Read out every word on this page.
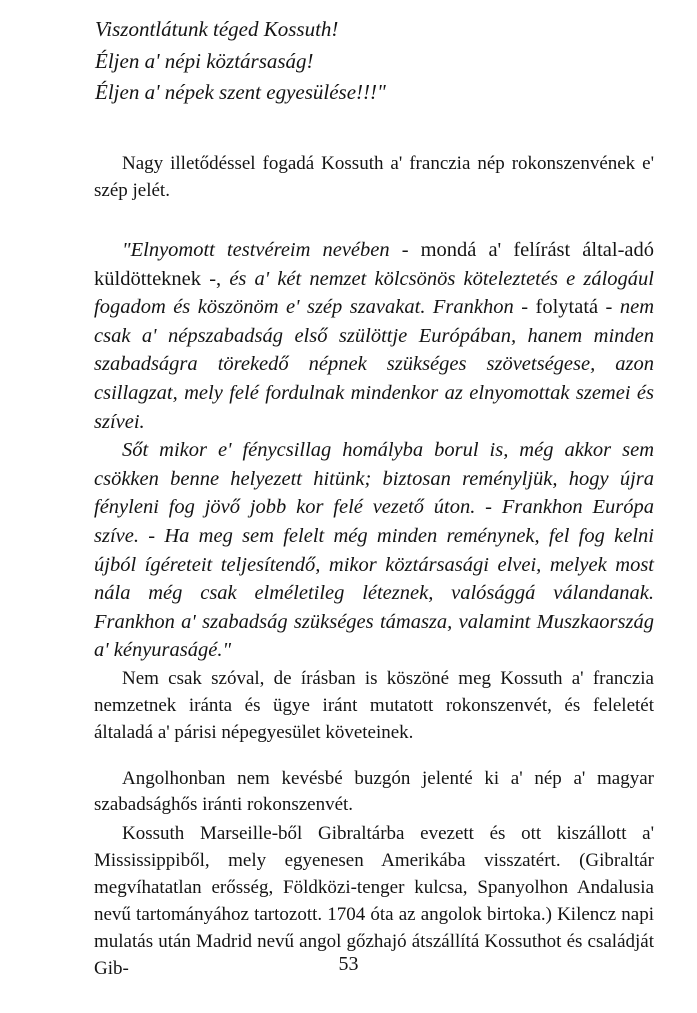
Viszontlátunk téged Kossuth!
Éljen a' népi köztársaság!
Éljen a' népek szent egyesülése!!!"

Nagy illetődéssel fogadá Kossuth a' franczia nép rokonszenvének e' szép jelét.

"Elnyomott testvéreim nevében - mondá a' felírást által-adó küldötteknek -, és a' két nemzet kölcsönös köteleztetés e zálogául fogadom és köszönöm e' szép szavakat. Frankhon - folytatá - nem csak a' népszabadság első szülöttje Európában, hanem minden szabadságra törekedő népnek szükséges szövetségese, azon csillagzat, mely felé fordulnak mindenkor az elnyomottak szemei és szívei.
Sőt mikor e' fénycsillag homályba borul is, még akkor sem csökken benne helyezett hitünk; biztosan reményljük, hogy újra fényleni fog jövő jobb kor felé vezető úton. - Frankhon Európa szíve. - Ha meg sem felelt még minden reménynek, fel fog kelni újból ígéreteit teljesítendő, mikor köztársasági elvei, melyek most nála még csak elméletileg léteznek, valósággá válandanak. Frankhon a' szabadság szükséges támasza, valamint Muszkaország a' kényuraságé."

Nem csak szóval, de írásban is köszöné meg Kossuth a' franczia nemzetnek iránta és ügye iránt mutatott rokonszenvét, és feleletét általadá a' párisi népegyesület követeinek.

Angolhonban nem kevésbé buzgón jelenté ki a' nép a' magyar szabadsághős iránti rokonszenvét.

Kossuth Marseille-ből Gibraltárba evezett és ott kiszállott a' Mississippiből, mely egyenesen Amerikába visszatért. (Gibraltár megvíhatatlan erősség, Földközi-tenger kulcsa, Spanyolhon Andalusia nevű tartományához tartozott. 1704 óta az angolok birtoka.) Kilencz napi mulatás után Madrid nevű angol gőzhajó átszállítá Kossuthot és családját Gib-	53
